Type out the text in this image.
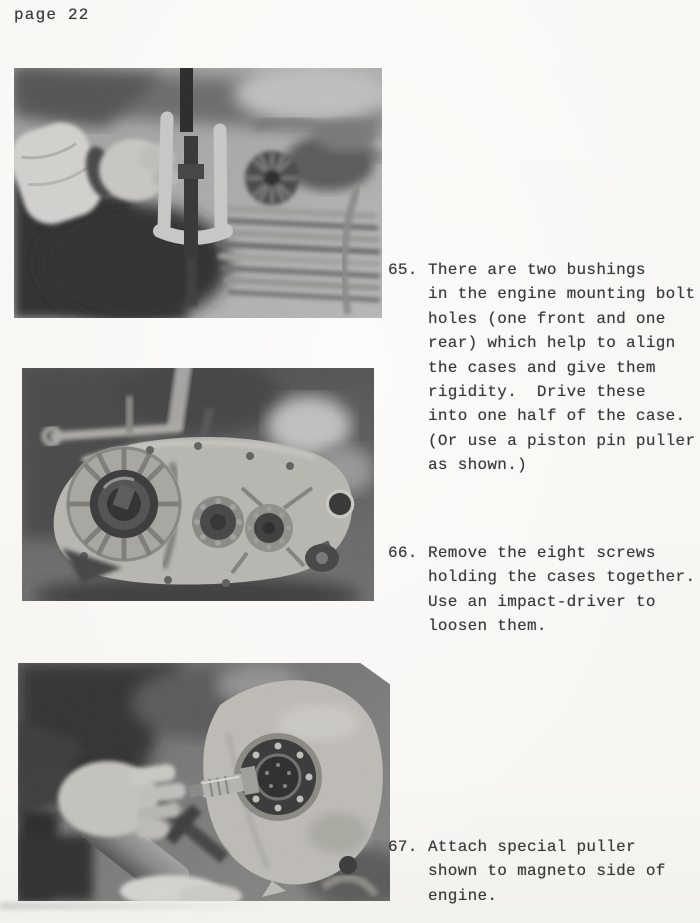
page 22
65. There are two bushings
in the engine mounting bolt
holes (one front and one
rear) which help to align
the cases and give them
rigidity.  Drive these
into one half of the case.
(Or use a piston pin puller
as shown.)
66. Remove the eight screws
holding the cases together.
Use an impact-driver to
loosen them.
67. Attach special puller
shown to magneto side of
engine.
